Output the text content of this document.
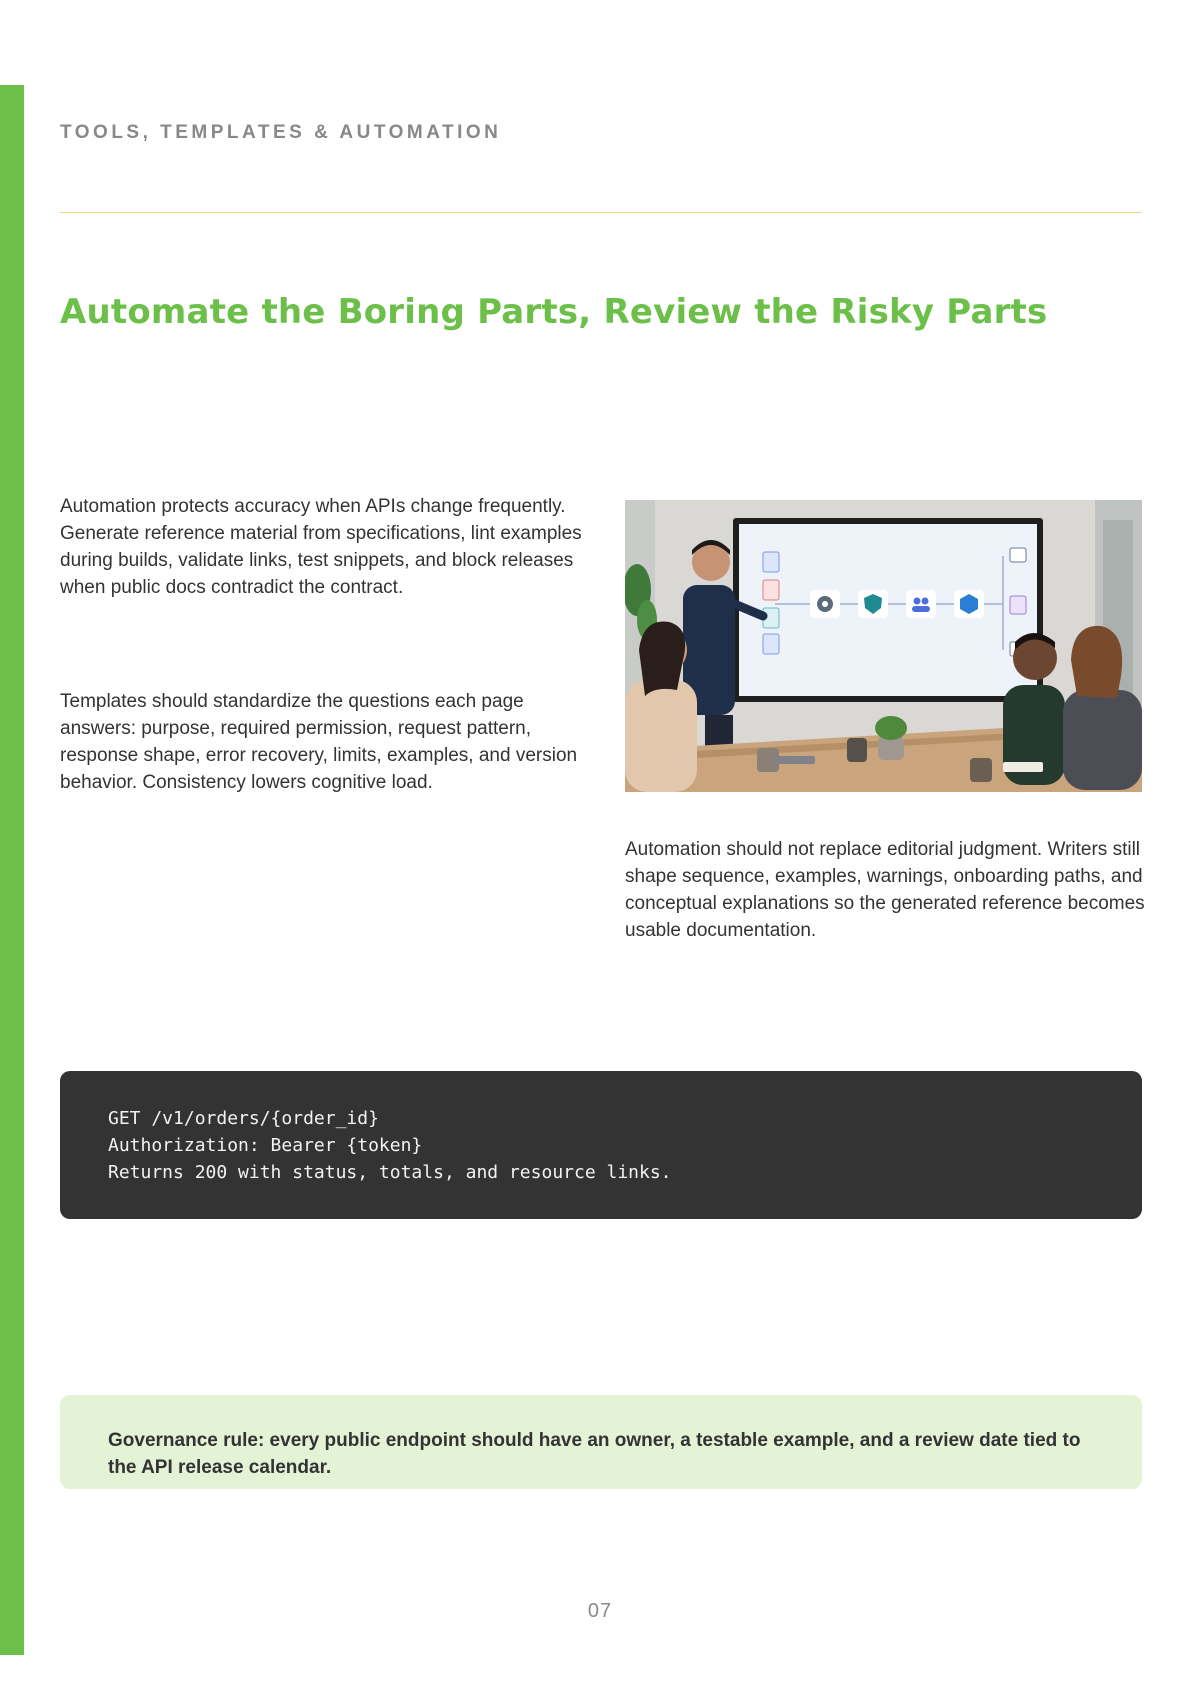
TOOLS, TEMPLATES & AUTOMATION
Automate the Boring Parts, Review the Risky Parts

Automation protects accuracy when APIs change frequently. Generate reference material from specifications, lint examples during builds, validate links, test snippets, and block releases when public docs contradict the contract.

Templates should standardize the questions each page answers: purpose, required permission, request pattern, response shape, error recovery, limits, examples, and version behavior. Consistency lowers cognitive load.

Automation should not replace editorial judgment. Writers still shape sequence, examples, warnings, onboarding paths, and conceptual explanations so the generated reference becomes usable documentation.

GET /v1/orders/{order_id}
Authorization: Bearer {token}
Returns 200 with status, totals, and resource links.
Governance rule: every public endpoint should have an owner, a testable example, and a review date tied to the API release calendar.
07
